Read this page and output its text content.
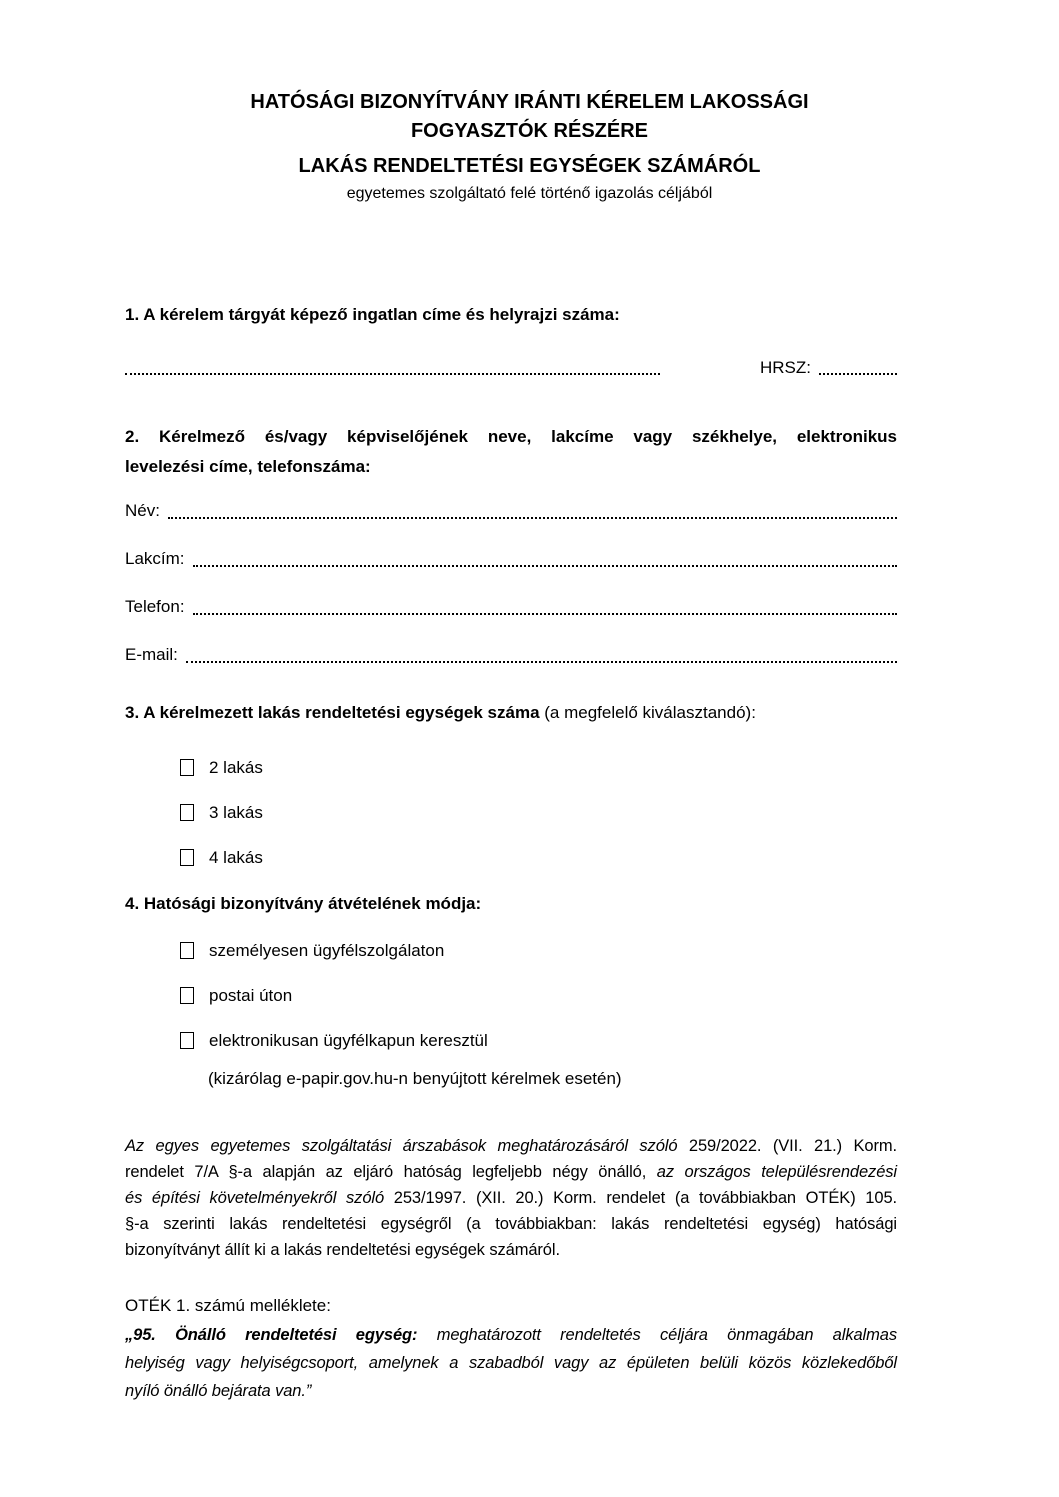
HATÓSÁGI BIZONYÍTVÁNY IRÁNTI KÉRELEM LAKOSSÁGI
FOGYASZTÓK RÉSZÉRE
LAKÁS RENDELTETÉSI EGYSÉGEK SZÁMÁRÓL
egyetemes szolgáltató felé történő igazolás céljából
1. A kérelem tárgyát képező ingatlan címe és helyrajzi száma:
HRSZ:
2. Kérelmező és/vagy képviselőjének neve, lakcíme vagy székhelye, elektronikus
levelezési címe, telefonszáma:
Név:
Lakcím:
Telefon:
E-mail:
3. A kérelmezett lakás rendeltetési egységek száma (a megfelelő kiválasztandó):
2 lakás
3 lakás
4 lakás
4. Hatósági bizonyítvány átvételének módja:
személyesen ügyfélszolgálaton
postai úton
elektronikusan ügyfélkapun keresztül
(kizárólag e-papir.gov.hu-n benyújtott kérelmek esetén)
Az egyes egyetemes szolgáltatási árszabások meghatározásáról szóló 259/2022. (VII. 21.) Korm.
rendelet 7/A §-a alapján az eljáró hatóság legfeljebb négy önálló, az országos településrendezési
és építési követelményekről szóló 253/1997. (XII. 20.) Korm. rendelet (a továbbiakban OTÉK) 105.
§-a szerinti lakás rendeltetési egységről (a továbbiakban: lakás rendeltetési egység) hatósági
bizonyítványt állít ki a lakás rendeltetési egységek számáról.
OTÉK 1. számú melléklete:
„95. Önálló rendeltetési egység: meghatározott rendeltetés céljára önmagában alkalmas
helyiség vagy helyiségcsoport, amelynek a szabadból vagy az épületen belüli közös közlekedőből
nyíló önálló bejárata van.”
